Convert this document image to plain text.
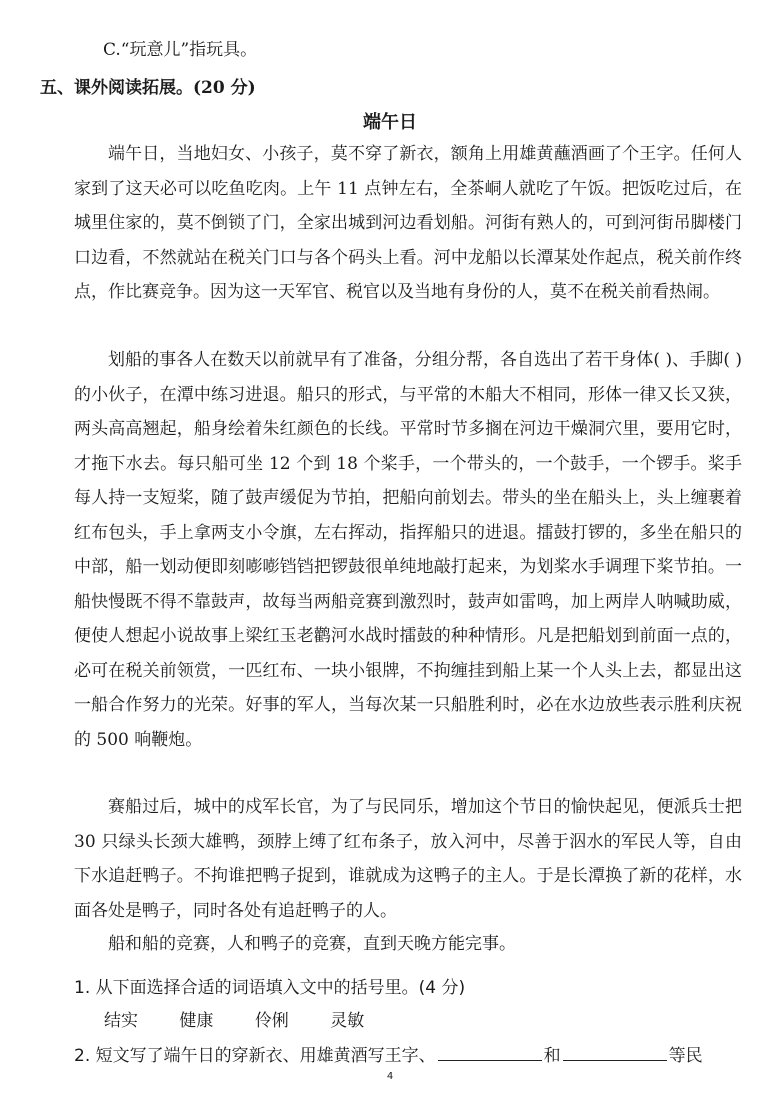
C.“玩意儿”指玩具。
五、课外阅读拓展。(20 分)
端午日

端午日，当地妇女、小孩子，莫不穿了新衣，额角上用雄黄蘸酒画了个王字。任何人家到了这天必可以吃鱼吃肉。上午 11 点钟左右，全茶峒人就吃了午饭。把饭吃过后，在城里住家的，莫不倒锁了门，全家出城到河边看划船。河街有熟人的，可到河街吊脚楼门口边看，不然就站在税关门口与各个码头上看。河中龙船以长潭某处作起点，税关前作终点，作比赛竞争。因为这一天军官、税官以及当地有身份的人，莫不在税关前看热闹。

划船的事各人在数天以前就早有了准备，分组分帮，各自选出了若干身体( )、手脚( )的小伙子，在潭中练习进退。船只的形式，与平常的木船大不相同，形体一律又长又狭，两头高高翘起，船身绘着朱红颜色的长线。平常时节多搁在河边干燥洞穴里，要用它时，才拖下水去。每只船可坐 12 个到 18 个桨手，一个带头的，一个鼓手，一个锣手。桨手每人持一支短桨，随了鼓声缓促为节拍，把船向前划去。带头的坐在船头上，头上缠裹着红布包头，手上拿两支小令旗，左右挥动，指挥船只的进退。擂鼓打锣的，多坐在船只的中部，船一划动便即刻嘭嘭铛铛把锣鼓很单纯地敲打起来，为划桨水手调理下桨节拍。一船快慢既不得不靠鼓声，故每当两船竞赛到激烈时，鼓声如雷鸣，加上两岸人呐喊助威，便使人想起小说故事上梁红玉老鹳河水战时擂鼓的种种情形。凡是把船划到前面一点的，必可在税关前领赏，一匹红布、一块小银牌，不拘缠挂到船上某一个人头上去，都显出这一船合作努力的光荣。好事的军人，当每次某一只船胜利时，必在水边放些表示胜利庆祝的 500 响鞭炮。

赛船过后，城中的戍军长官，为了与民同乐，增加这个节日的愉快起见，便派兵士把 30 只绿头长颈大雄鸭，颈脖上缚了红布条子，放入河中，尽善于泅水的军民人等，自由下水追赶鸭子。不拘谁把鸭子捉到，谁就成为这鸭子的主人。于是长潭换了新的花样，水面各处是鸭子，同时各处有追赶鸭子的人。

船和船的竞赛，人和鸭子的竞赛，直到天晚方能完事。

1. 从下面选择合适的词语填入文中的括号里。(4 分)
结实 健康 伶俐 灵敏
2. 短文写了端午日的穿新衣、用雄黄酒写王字、	和	等民
4
